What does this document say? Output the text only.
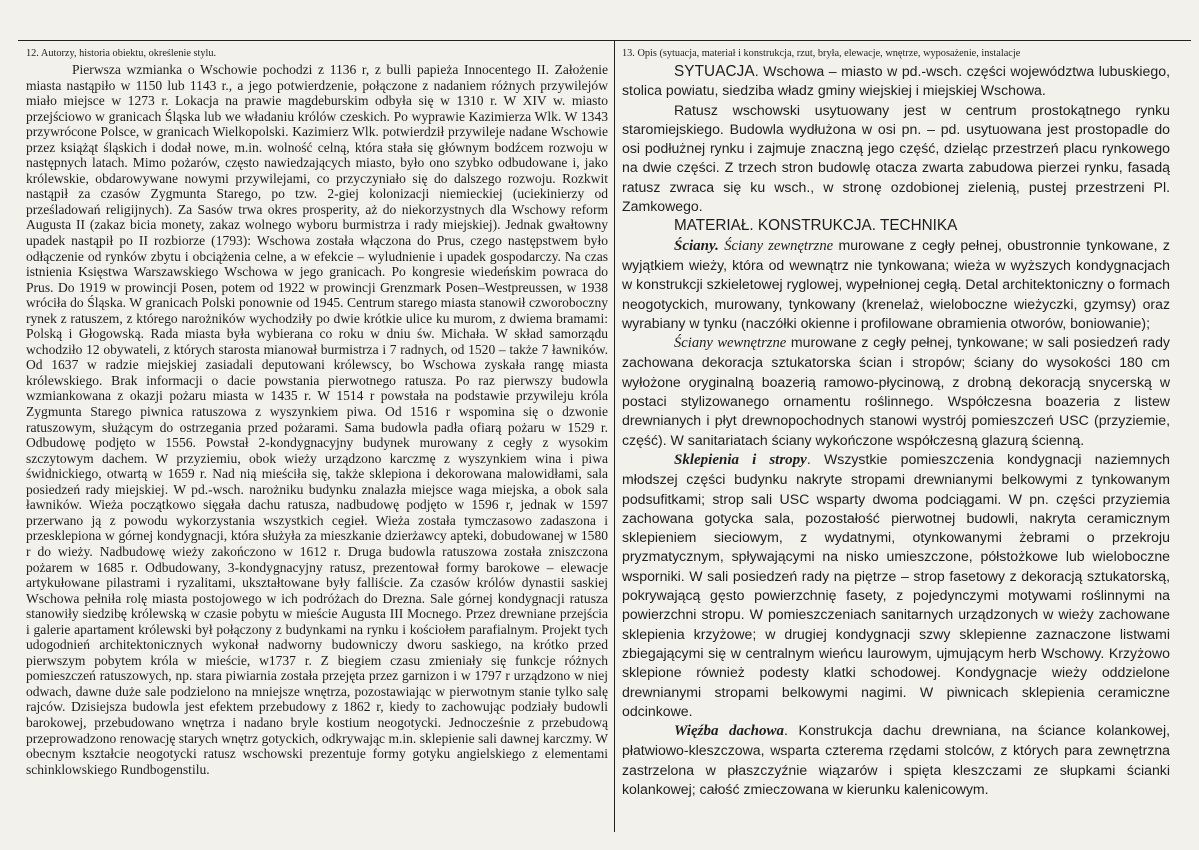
12. Autorzy, historia obiektu, określenie stylu.

Pierwsza wzmianka o Wschowie pochodzi z 1136 r, z bulli papieża Innocentego II. Założenie miasta nastąpiło w 1150 lub 1143 r., a jego potwierdzenie, połączone z nadaniem różnych przywilejów miało miejsce w 1273 r. Lokacja na prawie magdeburskim odbyła się w 1310 r. W XIV w. miasto przejściowo w granicach Śląska lub we władaniu królów czeskich. Po wyprawie Kazimierza Wlk. W 1343 przywrócone Polsce, w granicach Wielkopolski. Kazimierz Wlk. potwierdził przywileje nadane Wschowie przez książąt śląskich i dodał nowe, m.in. wolność celną, która stała się głównym bodźcem rozwoju w następnych latach. Mimo pożarów, często nawiedzających miasto, było ono szybko odbudowane i, jako królewskie, obdarowywane nowymi przywilejami, co przyczyniało się do dalszego rozwoju. Rozkwit nastąpił za czasów Zygmunta Starego, po tzw. 2-giej kolonizacji niemieckiej (uciekinierzy od prześladowań religijnych). Za Sasów trwa okres prosperity, aż do niekorzystnych dla Wschowy reform Augusta II (zakaz bicia monety, zakaz wolnego wyboru burmistrza i rady miejskiej). Jednak gwałtowny upadek nastąpił po II rozbiorze (1793): Wschowa została włączona do Prus, czego następstwem było odłączenie od rynków zbytu i obciążenia celne, a w efekcie – wyludnienie i upadek gospodarczy. Na czas istnienia Księstwa Warszawskiego Wschowa w jego granicach. Po kongresie wiedeńskim powraca do Prus. Do 1919 w prowincji Posen, potem od 1922 w prowincji Grenzmark Posen–Westpreussen, w 1938 wróciła do Śląska. W granicach Polski ponownie od 1945. Centrum starego miasta stanowił czworoboczny rynek z ratuszem, z którego narożników wychodziły po dwie krótkie ulice ku murom, z dwiema bramami: Polską i Głogowską. Rada miasta była wybierana co roku w dniu św. Michała. W skład samorządu wchodziło 12 obywateli, z których starosta mianował burmistrza i 7 radnych, od 1520 – także 7 ławników. Od 1637 w radzie miejskiej zasiadali deputowani królewscy, bo Wschowa zyskała rangę miasta królewskiego. Brak informacji o dacie powstania pierwotnego ratusza. Po raz pierwszy budowla wzmiankowana z okazji pożaru miasta w 1435 r. W 1514 r powstała na podstawie przywileju króla Zygmunta Starego piwnica ratuszowa z wyszynkiem piwa. Od 1516 r wspomina się o dzwonie ratuszowym, służącym do ostrzegania przed pożarami. Sama budowla padła ofiarą pożaru w 1529 r. Odbudowę podjęto w 1556. Powstał 2-kondygnacyjny budynek murowany z cegły z wysokim szczytowym dachem. W przyziemiu, obok wieży urządzono karczmę z wyszynkiem wina i piwa świdnickiego, otwartą w 1659 r. Nad nią mieściła się, także sklepiona i dekorowana malowidłami, sala posiedzeń rady miejskiej. W pd.-wsch. narożniku budynku znalazła miejsce waga miejska, a obok sala ławników. Wieża początkowo sięgała dachu ratusza, nadbudowę podjęto w 1596 r, jednak w 1597 przerwano ją z powodu wykorzystania wszystkich cegieł. Wieża została tymczasowo zadaszona i przesklepiona w górnej kondygnacji, która służyła za mieszkanie dzierżawcy apteki, dobudowanej w 1580 r do wieży. Nadbudowę wieży zakończono w 1612 r. Druga budowla ratuszowa została zniszczona pożarem w 1685 r. Odbudowany, 3-kondygnacyjny ratusz, prezentował formy barokowe – elewacje artykułowane pilastrami i ryzalitami, ukształtowane były falliście. Za czasów królów dynastii saskiej Wschowa pełniła rolę miasta postojowego w ich podróżach do Drezna. Sale górnej kondygnacji ratusza stanowiły siedzibę królewską w czasie pobytu w mieście Augusta III Mocnego. Przez drewniane przejścia i galerie apartament królewski był połączony z budynkami na rynku i kościołem parafialnym. Projekt tych udogodnień architektonicznych wykonał nadworny budowniczy dworu saskiego, na krótko przed pierwszym pobytem króla w mieście, w1737 r. Z biegiem czasu zmieniały się funkcje różnych pomieszczeń ratuszowych, np. stara piwiarnia została przejęta przez garnizon i w 1797 r urządzono w niej odwach, dawne duże sale podzielono na mniejsze wnętrza, pozostawiając w pierwotnym stanie tylko salę rajców. Dzisiejsza budowla jest efektem przebudowy z 1862 r, kiedy to zachowując podziały budowli barokowej, przebudowano wnętrza i nadano bryle kostium neogotycki. Jednocześnie z przebudową przeprowadzono renowację starych wnętrz gotyckich, odkrywając m.in. sklepienie sali dawnej karczmy. W obecnym kształcie neogotycki ratusz wschowski prezentuje formy gotyku angielskiego z elementami schinklowskiego Rundbogenstilu.

13. Opis (sytuacja, materiał i konstrukcja, rzut, bryła, elewacje, wnętrze, wyposażenie, instalacje

SYTUACJA. Wschowa – miasto w pd.-wsch. części województwa lubuskiego, stolica powiatu, siedziba władz gminy wiejskiej i miejskiej Wschowa.

Ratusz wschowski usytuowany jest w centrum prostokątnego rynku staromiejskiego. Budowla wydłużona w osi pn. – pd. usytuowana jest prostopadle do osi podłużnej rynku i zajmuje znaczną jego część, dzieląc przestrzeń placu rynkowego na dwie części. Z trzech stron budowlę otacza zwarta zabudowa pierzei rynku, fasadą ratusz zwraca się ku wsch., w stronę ozdobionej zielenią, pustej przestrzeni Pl. Zamkowego.

MATERIAŁ. KONSTRUKCJA. TECHNIKA

Ściany. Ściany zewnętrzne murowane z cegły pełnej, obustronnie tynkowane, z wyjątkiem wieży, która od wewnątrz nie tynkowana; wieża w wyższych kondygnacjach w konstrukcji szkieletowej ryglowej, wypełnionej cegłą. Detal architektoniczny o formach neogotyckich, murowany, tynkowany (krenelaż, wieloboczne wieżyczki, gzymsy) oraz wyrabiany w tynku (naczółki okienne i profilowane obramienia otworów, boniowanie);

Ściany wewnętrzne murowane z cegły pełnej, tynkowane; w sali posiedzeń rady zachowana dekoracja sztukatorska ścian i stropów; ściany do wysokości 180 cm wyłożone oryginalną boazerią ramowo-płycinową, z drobną dekoracją snycerską w postaci stylizowanego ornamentu roślinnego. Współczesna boazeria z listew drewnianych i płyt drewnopochodnych stanowi wystrój pomieszczeń USC (przyziemie, część). W sanitariatach ściany wykończone współczesną glazurą ścienną.

Sklepienia i stropy. Wszystkie pomieszczenia kondygnacji naziemnych młodszej części budynku nakryte stropami drewnianymi belkowymi z tynkowanym podsufitkami; strop sali USC wsparty dwoma podciągami. W pn. części przyziemia zachowana gotycka sala, pozostałość pierwotnej budowli, nakryta ceramicznym sklepieniem sieciowym, z wydatnymi, otynkowanymi żebrami o przekroju pryzmatycznym, spływającymi na nisko umieszczone, półstożkowe lub wieloboczne wsporniki. W sali posiedzeń rady na piętrze – strop fasetowy z dekoracją sztukatorską, pokrywającą gęsto powierzchnię fasety, z pojedynczymi motywami roślinnymi na powierzchni stropu. W pomieszczeniach sanitarnych urządzonych w wieży zachowane sklepienia krzyżowe; w drugiej kondygnacji szwy sklepienne zaznaczone listwami zbiegającymi się w centralnym wieńcu laurowym, ujmującym herb Wschowy. Krzyżowo sklepione również podesty klatki schodowej. Kondygnacje wieży oddzielone drewnianymi stropami belkowymi nagimi. W piwnicach sklepienia ceramiczne odcinkowe.

Więźba dachowa. Konstrukcja dachu drewniana, na ściance kolankowej, płatwiowo-kleszczowa, wsparta czterema rzędami stolców, z których para zewnętrzna zastrzelona w płaszczyźnie wiązarów i spięta kleszczami ze słupkami ścianki kolankowej; całość zmieczowana w kierunku kalenicowym.
